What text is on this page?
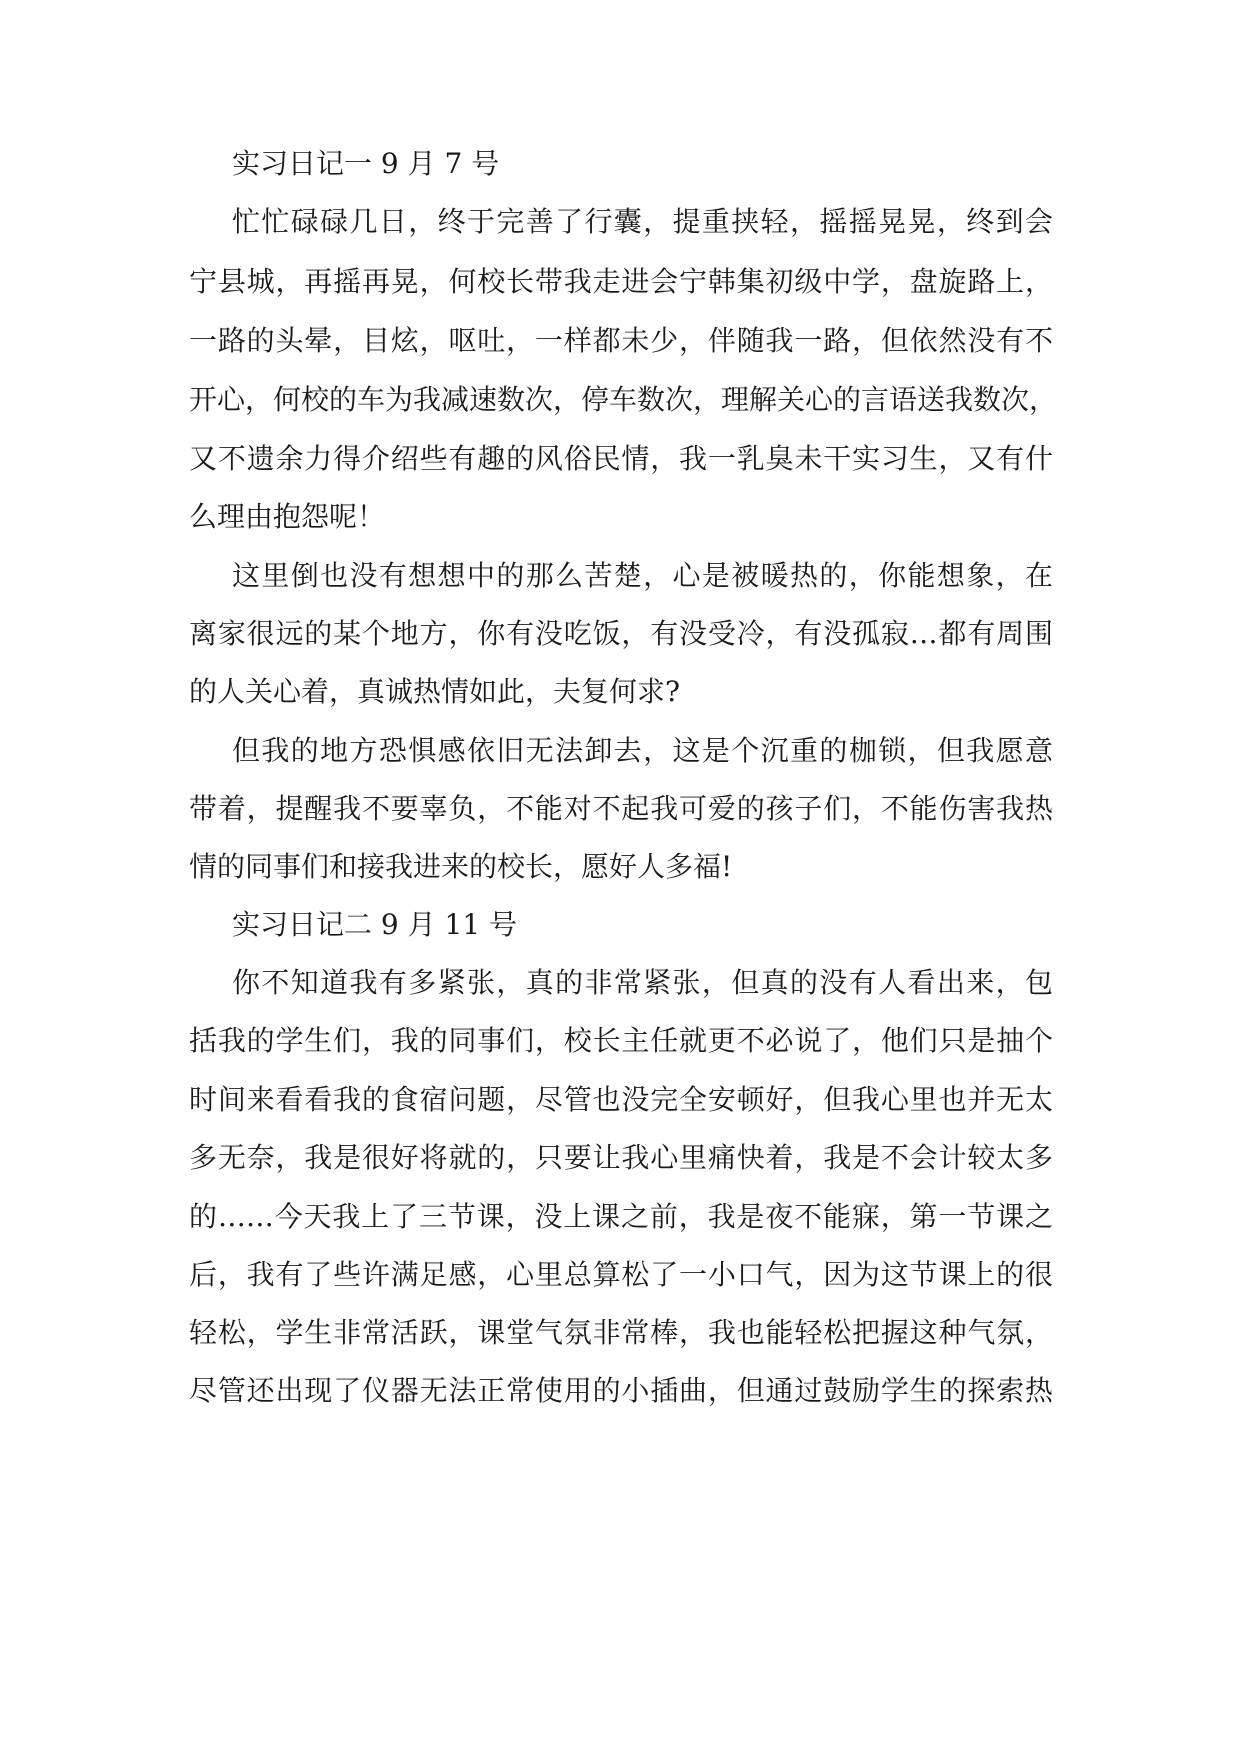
实习日记一 9 月 7 号
忙忙碌碌几日，终于完善了行囊，提重挟轻，摇摇晃晃，终到会
宁县城，再摇再晃，何校长带我走进会宁韩集初级中学，盘旋路上，
一路的头晕，目炫，呕吐，一样都未少，伴随我一路，但依然没有不
开心，何校的车为我减速数次，停车数次，理解关心的言语送我数次，
又不遗余力得介绍些有趣的风俗民情，我一乳臭未干实习生，又有什
么理由抱怨呢！
这里倒也没有想想中的那么苦楚，心是被暖热的，你能想象，在
离家很远的某个地方，你有没吃饭，有没受冷，有没孤寂…都有周围
的人关心着，真诚热情如此，夫复何求?
但我的地方恐惧感依旧无法卸去，这是个沉重的枷锁，但我愿意
带着，提醒我不要辜负，不能对不起我可爱的孩子们，不能伤害我热
情的同事们和接我进来的校长，愿好人多福!
实习日记二 9 月 11 号
你不知道我有多紧张，真的非常紧张，但真的没有人看出来，包
括我的学生们，我的同事们，校长主任就更不必说了，他们只是抽个
时间来看看我的食宿问题，尽管也没完全安顿好，但我心里也并无太
多无奈，我是很好将就的，只要让我心里痛快着，我是不会计较太多
的……今天我上了三节课，没上课之前，我是夜不能寐，第一节课之
后，我有了些许满足感，心里总算松了一小口气，因为这节课上的很
轻松，学生非常活跃，课堂气氛非常棒，我也能轻松把握这种气氛，
尽管还出现了仪器无法正常使用的小插曲，但通过鼓励学生的探索热
